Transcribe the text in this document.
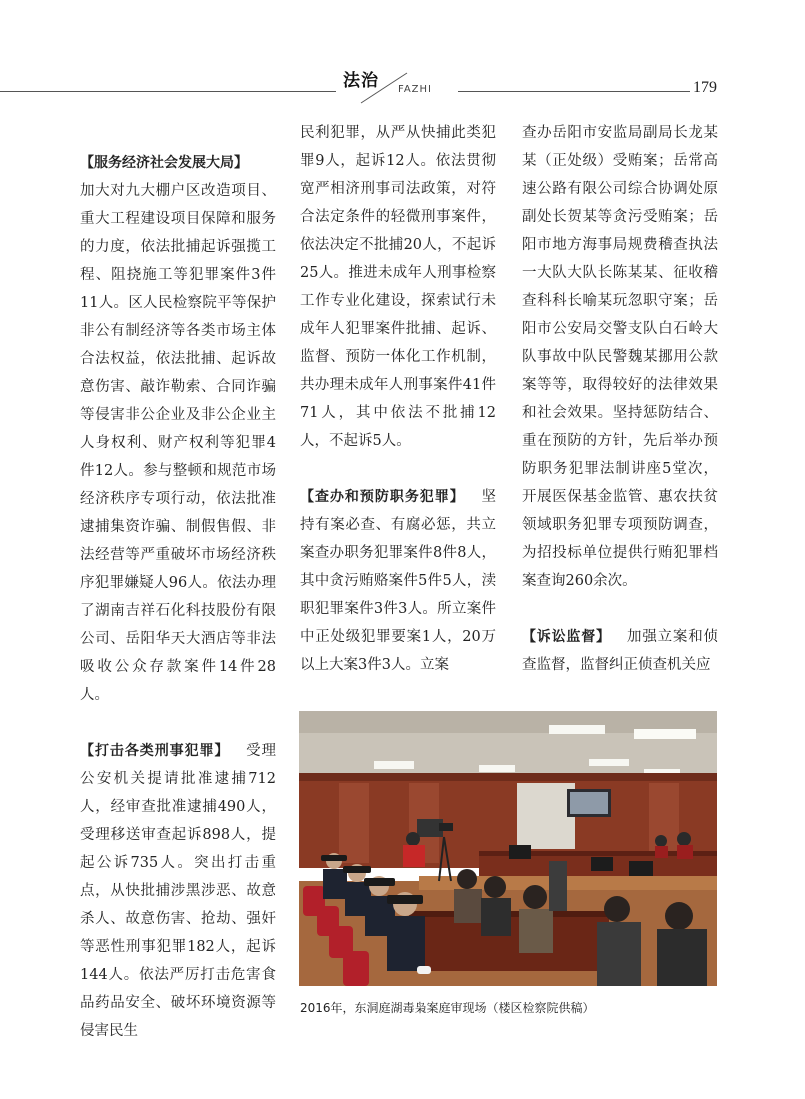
法治 FAZHI	179

【服务经济社会发展大局】

加大对九大棚户区改造项目、重大工程建设项目保障和服务的力度，依法批捕起诉强揽工程、阻挠施工等犯罪案件3件11人。区人民检察院平等保护非公有制经济等各类市场主体合法权益，依法批捕、起诉故意伤害、敲诈勒索、合同诈骗等侵害非公企业及非公企业主人身权利、财产权利等犯罪4件12人。参与整顿和规范市场经济秩序专项行动，依法批准逮捕集资诈骗、制假售假、非法经营等严重破坏市场经济秩序犯罪嫌疑人96人。依法办理了湖南吉祥石化科技股份有限公司、岳阳华天大酒店等非法吸收公众存款案件14件28人。

【打击各类刑事犯罪】 受理公安机关提请批准逮捕712人，经审查批准逮捕490人，受理移送审查起诉898人，提起公诉735人。突出打击重点，从快批捕涉黑涉恶、故意杀人、故意伤害、抢劫、强奸等恶性刑事犯罪182人，起诉144人。依法严厉打击危害食品药品安全、破坏环境资源等侵害民生

民利犯罪，从严从快捕此类犯罪9人，起诉12人。依法贯彻宽严相济刑事司法政策，对符合法定条件的轻微刑事案件，依法决定不批捕20人，不起诉25人。推进未成年人刑事检察工作专业化建设，探索试行未成年人犯罪案件批捕、起诉、监督、预防一体化工作机制，共办理未成年人刑事案件41件71人，其中依法不批捕12人，不起诉5人。

【查办和预防职务犯罪】 坚持有案必查、有腐必惩，共立案查办职务犯罪案件8件8人，其中贪污贿赂案件5件5人，渎职犯罪案件3件3人。所立案件中正处级犯罪要案1人，20万以上大案3件3人。立案

查办岳阳市安监局副局长龙某某（正处级）受贿案；岳常高速公路有限公司综合协调处原副处长贺某等贪污受贿案；岳阳市地方海事局规费稽查执法一大队大队长陈某某、征收稽查科科长喻某玩忽职守案；岳阳市公安局交警支队白石岭大队事故中队民警魏某挪用公款案等等，取得较好的法律效果和社会效果。坚持惩防结合、重在预防的方针，先后举办预防职务犯罪法制讲座5堂次，开展医保基金监管、惠农扶贫领域职务犯罪专项预防调查，为招投标单位提供行贿犯罪档案查询260余次。

【诉讼监督】 加强立案和侦查监督，监督纠正侦查机关应

2016年，东洞庭湖毒枭案庭审现场（楼区检察院供稿）
